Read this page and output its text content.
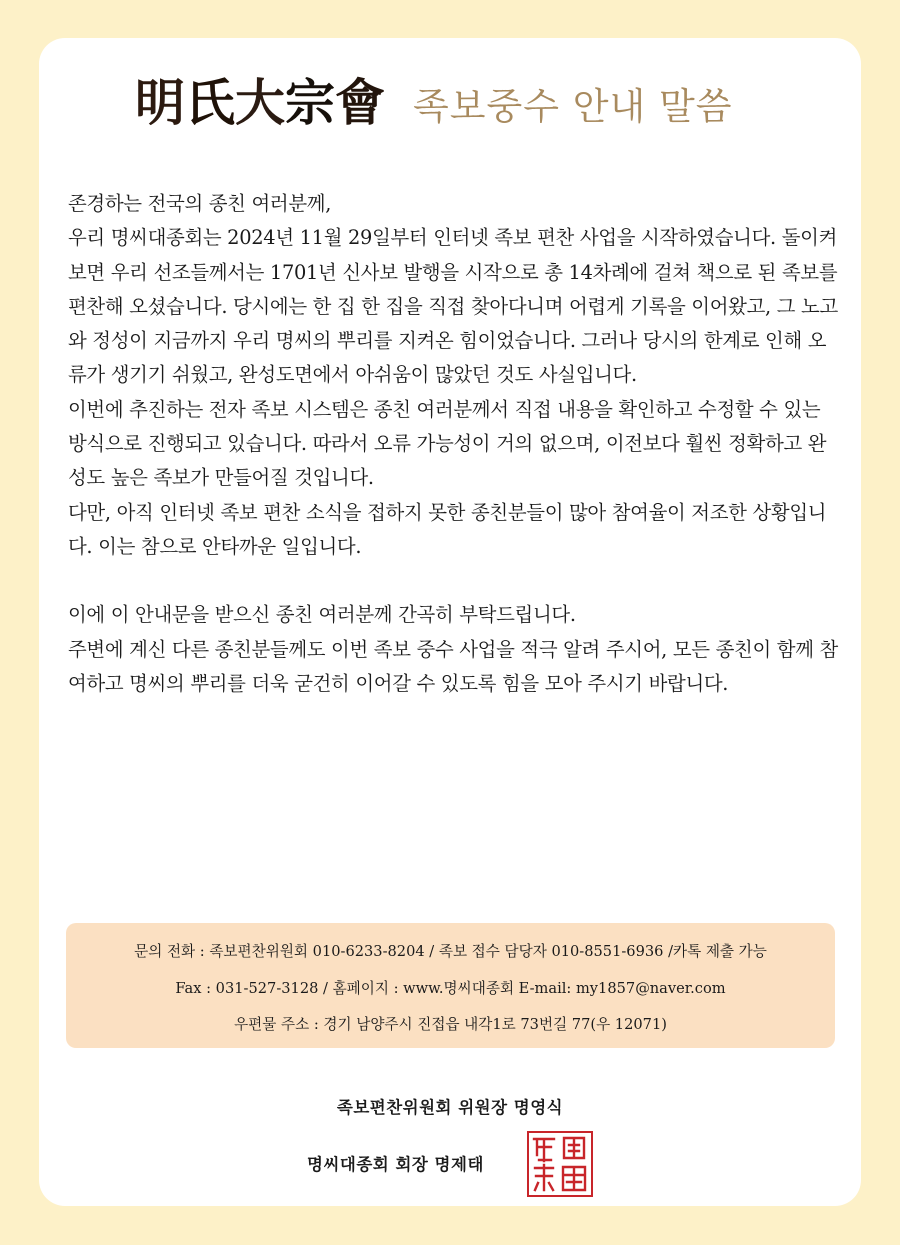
明 氏 大 宗 會 족보중수 안내 말씀

존경하는 전국의 종친 여러분께,

우리 명씨대종회는 2024년 11월 29일부터 인터넷 족보 편찬 사업을 시작하였습니다. 돌이켜보면 우리 선조들께서는 1701년 신사보 발행을 시작으로 총 14차례에 걸쳐 책으로 된 족보를 편찬해 오셨습니다. 당시에는 한 집 한 집을 직접 찾아다니며 어렵게 기록을 이어왔고, 그 노고와 정성이 지금까지 우리 명씨의 뿌리를 지켜온 힘이었습니다. 그러나 당시의 한계로 인해 오류가 생기기 쉬웠고, 완성도면에서 아쉬움이 많았던 것도 사실입니다.

이번에 추진하는 전자 족보 시스템은 종친 여러분께서 직접 내용을 확인하고 수정할 수 있는 방식으로 진행되고 있습니다. 따라서 오류 가능성이 거의 없으며, 이전보다 훨씬 정확하고 완성도 높은 족보가 만들어질 것입니다.

다만, 아직 인터넷 족보 편찬 소식을 접하지 못한 종친분들이 많아 참여율이 저조한 상황입니다. 이는 참으로 안타까운 일입니다.

이에 이 안내문을 받으신 종친 여러분께 간곡히 부탁드립니다.

주변에 계신 다른 종친분들께도 이번 족보 중수 사업을 적극 알려 주시어, 모든 종친이 함께 참여하고 명씨의 뿌리를 더욱 굳건히 이어갈 수 있도록 힘을 모아 주시기 바랍니다.

문의 전화 : 족보편찬위원회 010-6233-8204 / 족보 접수 담당자 010-8551-6936 /카톡 제출 가능
Fax : 031-527-3128 / 홈페이지 : www.명씨대종회 E-mail: my1857@naver.com
우편물 주소 : 경기 남양주시 진접읍 내각1로 73번길 77(우 12071)
족보편찬위원회 위원장 명영식
명씨대종회 회장 명제태
